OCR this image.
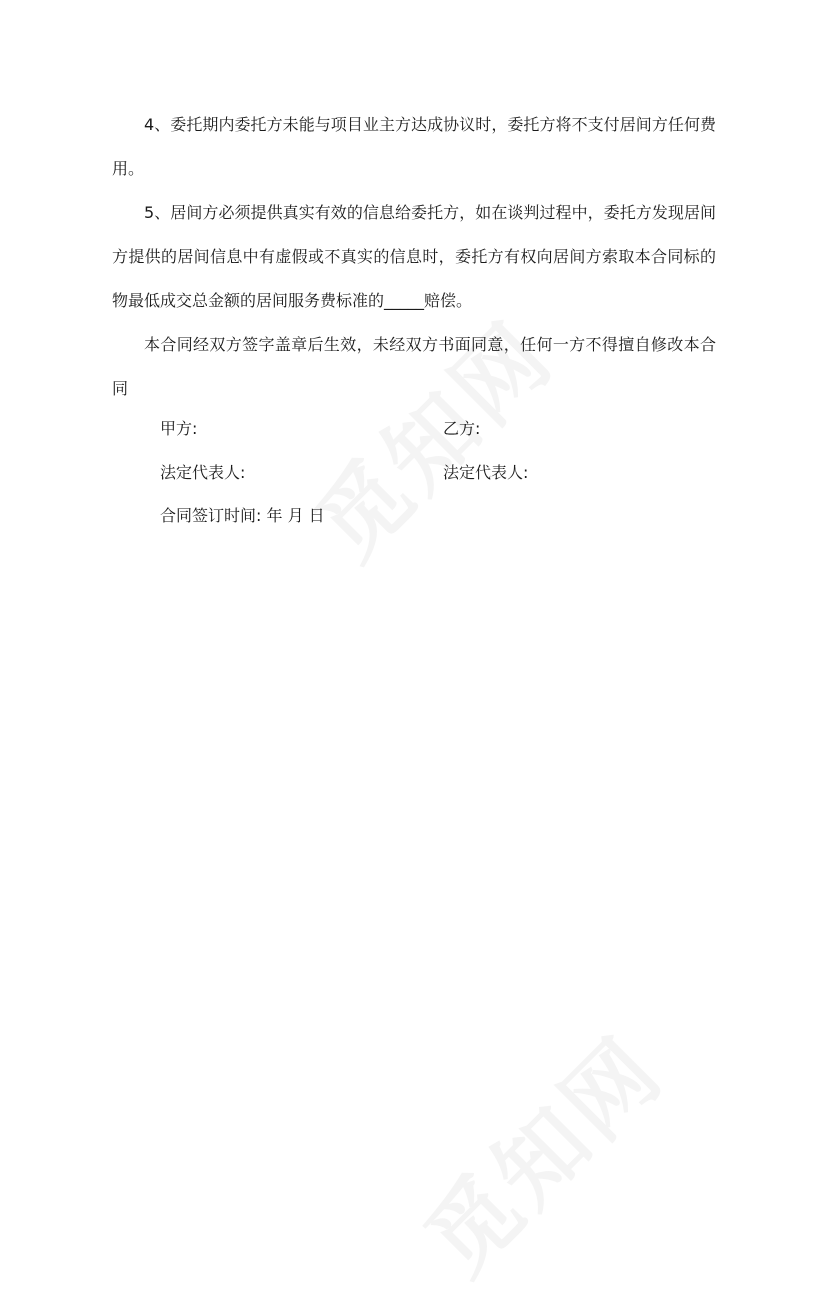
4、委托期内委托方未能与项目业主方达成协议时，委托方将不支付居间方任何费用。

5、居间方必须提供真实有效的信息给委托方，如在谈判过程中，委托方发现居间方提供的居间信息中有虚假或不真实的信息时，委托方有权向居间方索取本合同标的物最低成交总金额的居间服务费标准的_____赔偿。

本合同经双方签字盖章后生效，未经双方书面同意，任何一方不得擅自修改本合同

甲方:	乙方:
法定代表人:	法定代表人:
合同签订时间: 年 月 日
